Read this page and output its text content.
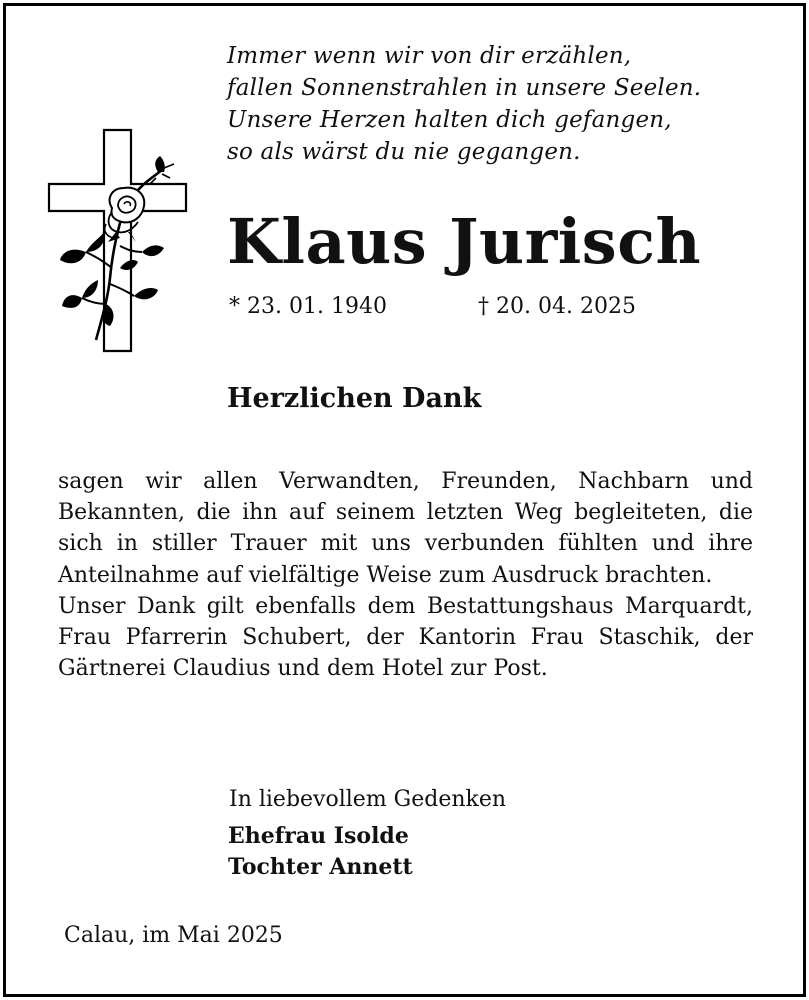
Immer wenn wir von dir erzählen,
fallen Sonnenstrahlen in unsere Seelen.
Unsere Herzen halten dich gefangen,
so als wärst du nie gegangen.
Klaus Jurisch
* 23. 01. 1940	† 20. 04. 2025
Herzlichen Dank

sagen wir allen Verwandten, Freunden, Nachbarn und Bekannten, die ihn auf seinem letzten Weg begleiteten, die sich in stiller Trauer mit uns verbunden fühlten und ihre Anteilnahme auf vielfältige Weise zum Ausdruck brachten.

Unser Dank gilt ebenfalls dem Bestattungshaus Marquardt, Frau Pfarrerin Schubert, der Kantorin Frau Staschik, der Gärtnerei Claudius und dem Hotel zur Post.

In liebevollem Gedenken
Ehefrau Isolde
Tochter Annett
Calau, im Mai 2025
